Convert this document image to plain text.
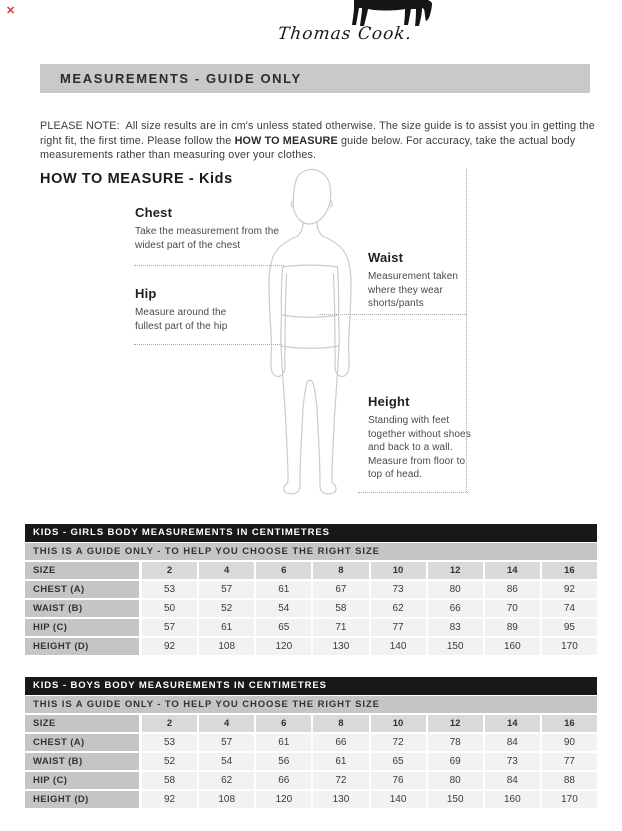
✕
Thomas Cook.
MEASUREMENTS - GUIDE ONLY

PLEASE NOTE:  All size results are in cm's unless stated otherwise. The size guide is to assist you in getting the right fit, the first time. Please follow the HOW TO MEASURE guide below. For accuracy, take the actual body measurements rather than measuring over your clothes.

HOW TO MEASURE - Kids
Chest
Take the measurement from the widest part of the chest
Hip
Measure around the fullest part of the hip
Waist
Measurement taken where they wear shorts/pants
Height
Standing with feet together without shoes and back to a wall. Measure from floor to top of head.
KIDS - GIRLS BODY MEASUREMENTS IN CENTIMETRES
THIS IS A GUIDE ONLY - TO HELP YOU CHOOSE THE RIGHT SIZE
SIZE	2	4	6	8	10	12	14	16
CHEST (A)	53	57	61	67	73	80	86	92
WAIST (B)	50	52	54	58	62	66	70	74
HIP (C)	57	61	65	71	77	83	89	95
HEIGHT (D)	92	108	120	130	140	150	160	170
KIDS - BOYS BODY MEASUREMENTS IN CENTIMETRES
THIS IS A GUIDE ONLY - TO HELP YOU CHOOSE THE RIGHT SIZE
SIZE	2	4	6	8	10	12	14	16
CHEST (A)	53	57	61	66	72	78	84	90
WAIST (B)	52	54	56	61	65	69	73	77
HIP (C)	58	62	66	72	76	80	84	88
HEIGHT (D)	92	108	120	130	140	150	160	170
